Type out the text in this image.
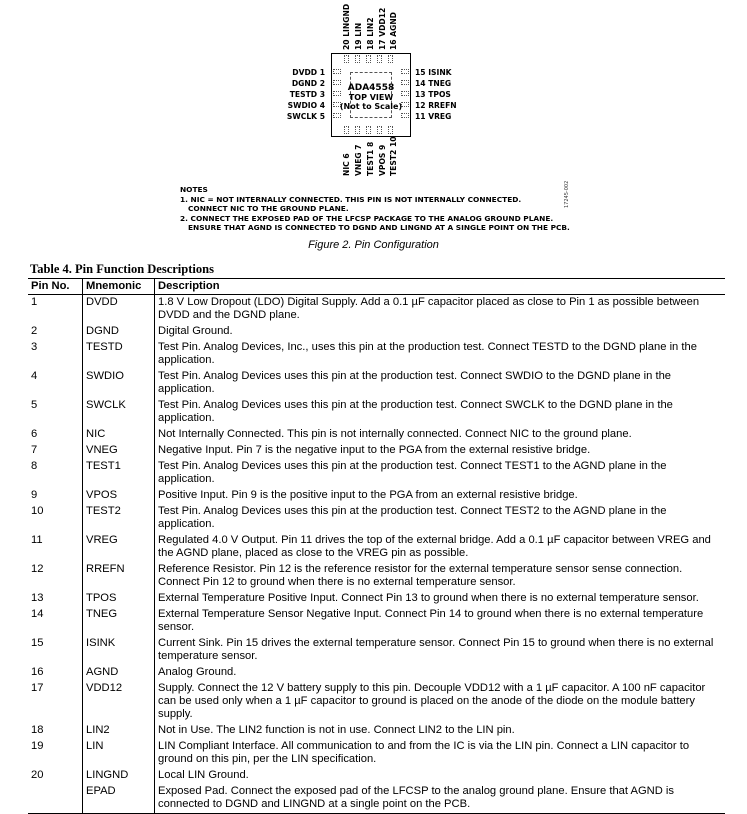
ADA4558
TOP VIEW
(Not to Scale)
DVDD 1
DGND 2
TESTD 3
SWDIO 4
SWCLK 5
15 ISINK
14 TNEG
13 TPOS
12 RREFN
11 VREG
20 LINGND 19 LIN 18 LIN2 17 VDD12 16 AGND
NIC 6 VNEG 7 TEST1 8 VPOS 9 TEST2 10
NOTES
1. NIC = NOT INTERNALLY CONNECTED. THIS PIN IS NOT INTERNALLY CONNECTED.
CONNECT NIC TO THE GROUND PLANE.
2. CONNECT THE EXPOSED PAD OF THE LFCSP PACKAGE TO THE ANALOG GROUND PLANE.
ENSURE THAT AGND IS CONNECTED TO DGND AND LINGND AT A SINGLE POINT ON THE PCB.
17245-002
Figure 2. Pin Configuration
Table 4. Pin Function Descriptions
Pin No.	Mnemonic	Description
1	DVDD	1.8 V Low Dropout (LDO) Digital Supply. Add a 0.1 µF capacitor placed as close to Pin 1 as possible between DVDD and the DGND plane.
2	DGND	Digital Ground.
3	TESTD	Test Pin. Analog Devices, Inc., uses this pin at the production test. Connect TESTD to the DGND plane in the application.
4	SWDIO	Test Pin. Analog Devices uses this pin at the production test. Connect SWDIO to the DGND plane in the application.
5	SWCLK	Test Pin. Analog Devices uses this pin at the production test. Connect SWCLK to the DGND plane in the application.
6	NIC	Not Internally Connected. This pin is not internally connected. Connect NIC to the ground plane.
7	VNEG	Negative Input. Pin 7 is the negative input to the PGA from the external resistive bridge.
8	TEST1	Test Pin. Analog Devices uses this pin at the production test. Connect TEST1 to the AGND plane in the application.
9	VPOS	Positive Input. Pin 9 is the positive input to the PGA from an external resistive bridge.
10	TEST2	Test Pin. Analog Devices uses this pin at the production test. Connect TEST2 to the AGND plane in the application.
11	VREG	Regulated 4.0 V Output. Pin 11 drives the top of the external bridge. Add a 0.1 µF capacitor between VREG and the AGND plane, placed as close to the VREG pin as possible.
12	RREFN	Reference Resistor. Pin 12 is the reference resistor for the external temperature sensor sense connection. Connect Pin 12 to ground when there is no external temperature sensor.
13	TPOS	External Temperature Positive Input. Connect Pin 13 to ground when there is no external temperature sensor.
14	TNEG	External Temperature Sensor Negative Input. Connect Pin 14 to ground when there is no external temperature sensor.
15	ISINK	Current Sink. Pin 15 drives the external temperature sensor. Connect Pin 15 to ground when there is no external temperature sensor.
16	AGND	Analog Ground.
17	VDD12	Supply. Connect the 12 V battery supply to this pin. Decouple VDD12 with a 1 µF capacitor. A 100 nF capacitor can be used only when a 1 µF capacitor to ground is placed on the anode of the diode on the module battery supply.
18	LIN2	Not in Use. The LIN2 function is not in use. Connect LIN2 to the LIN pin.
19	LIN	LIN Compliant Interface. All communication to and from the IC is via the LIN pin. Connect a LIN capacitor to ground on this pin, per the LIN specification.
20	LINGND	Local LIN Ground.
	EPAD	Exposed Pad. Connect the exposed pad of the LFCSP to the analog ground plane. Ensure that AGND is connected to DGND and LINGND at a single point on the PCB.
